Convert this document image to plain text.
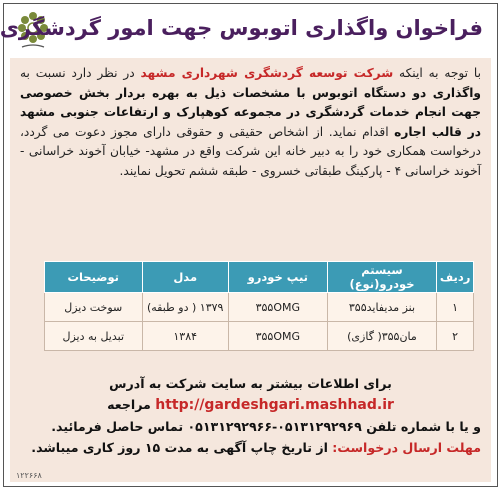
فراخوان واگذاری اتوبوس جهت امور گردشگری
با توجه به اینکه شرکت توسعه گردشگری شهرداری مشهد در نظر دارد نسبت به واگذاری دو دستگاه اتوبوس با مشخصات ذیل به بهره بردار بخش خصوصی جهت انجام خدمات گردشگری در مجموعه کوهپارک و ارتفاعات جنوبی مشهد در قالب اجاره اقدام نماید. از اشخاص حقیقی و حقوقی دارای مجوز دعوت می گردد، درخواست همکاری خود را به دبیر خانه این شرکت واقع در مشهد- خیابان آخوند خراسانی - آخوند خراسانی ۴ - پارکینگ طبقاتی خسروی - طبقه ششم تحویل نمایند.
ردیف	سیستم خودرو(نوع)	تیپ خودرو	مدل	توضیحات
۱	بنز مدیفاید۳۵۵	۳۵۵OMG	۱۳۷۹ ( دو طبقه)	سوخت دیزل
۲	مان۳۵۵( گازی)	۳۵۵OMG	۱۳۸۴	تبدیل به دیزل
برای اطلاعات بیشتر به سایت شرکت به آدرس
http://gardeshgari.mashhad.ir مراجعه
و یا با شماره تلفن ۰۵۱۳۱۲۹۲۹۶۹-۰۵۱۳۱۲۹۲۹۶۶ تماس حاصل فرمائید.
مهلت ارسال درخواست: از تاریخ چاپ آگهی به مدت ۱۵ روز کاری میباشد.
۱۲۲۶۶۸
